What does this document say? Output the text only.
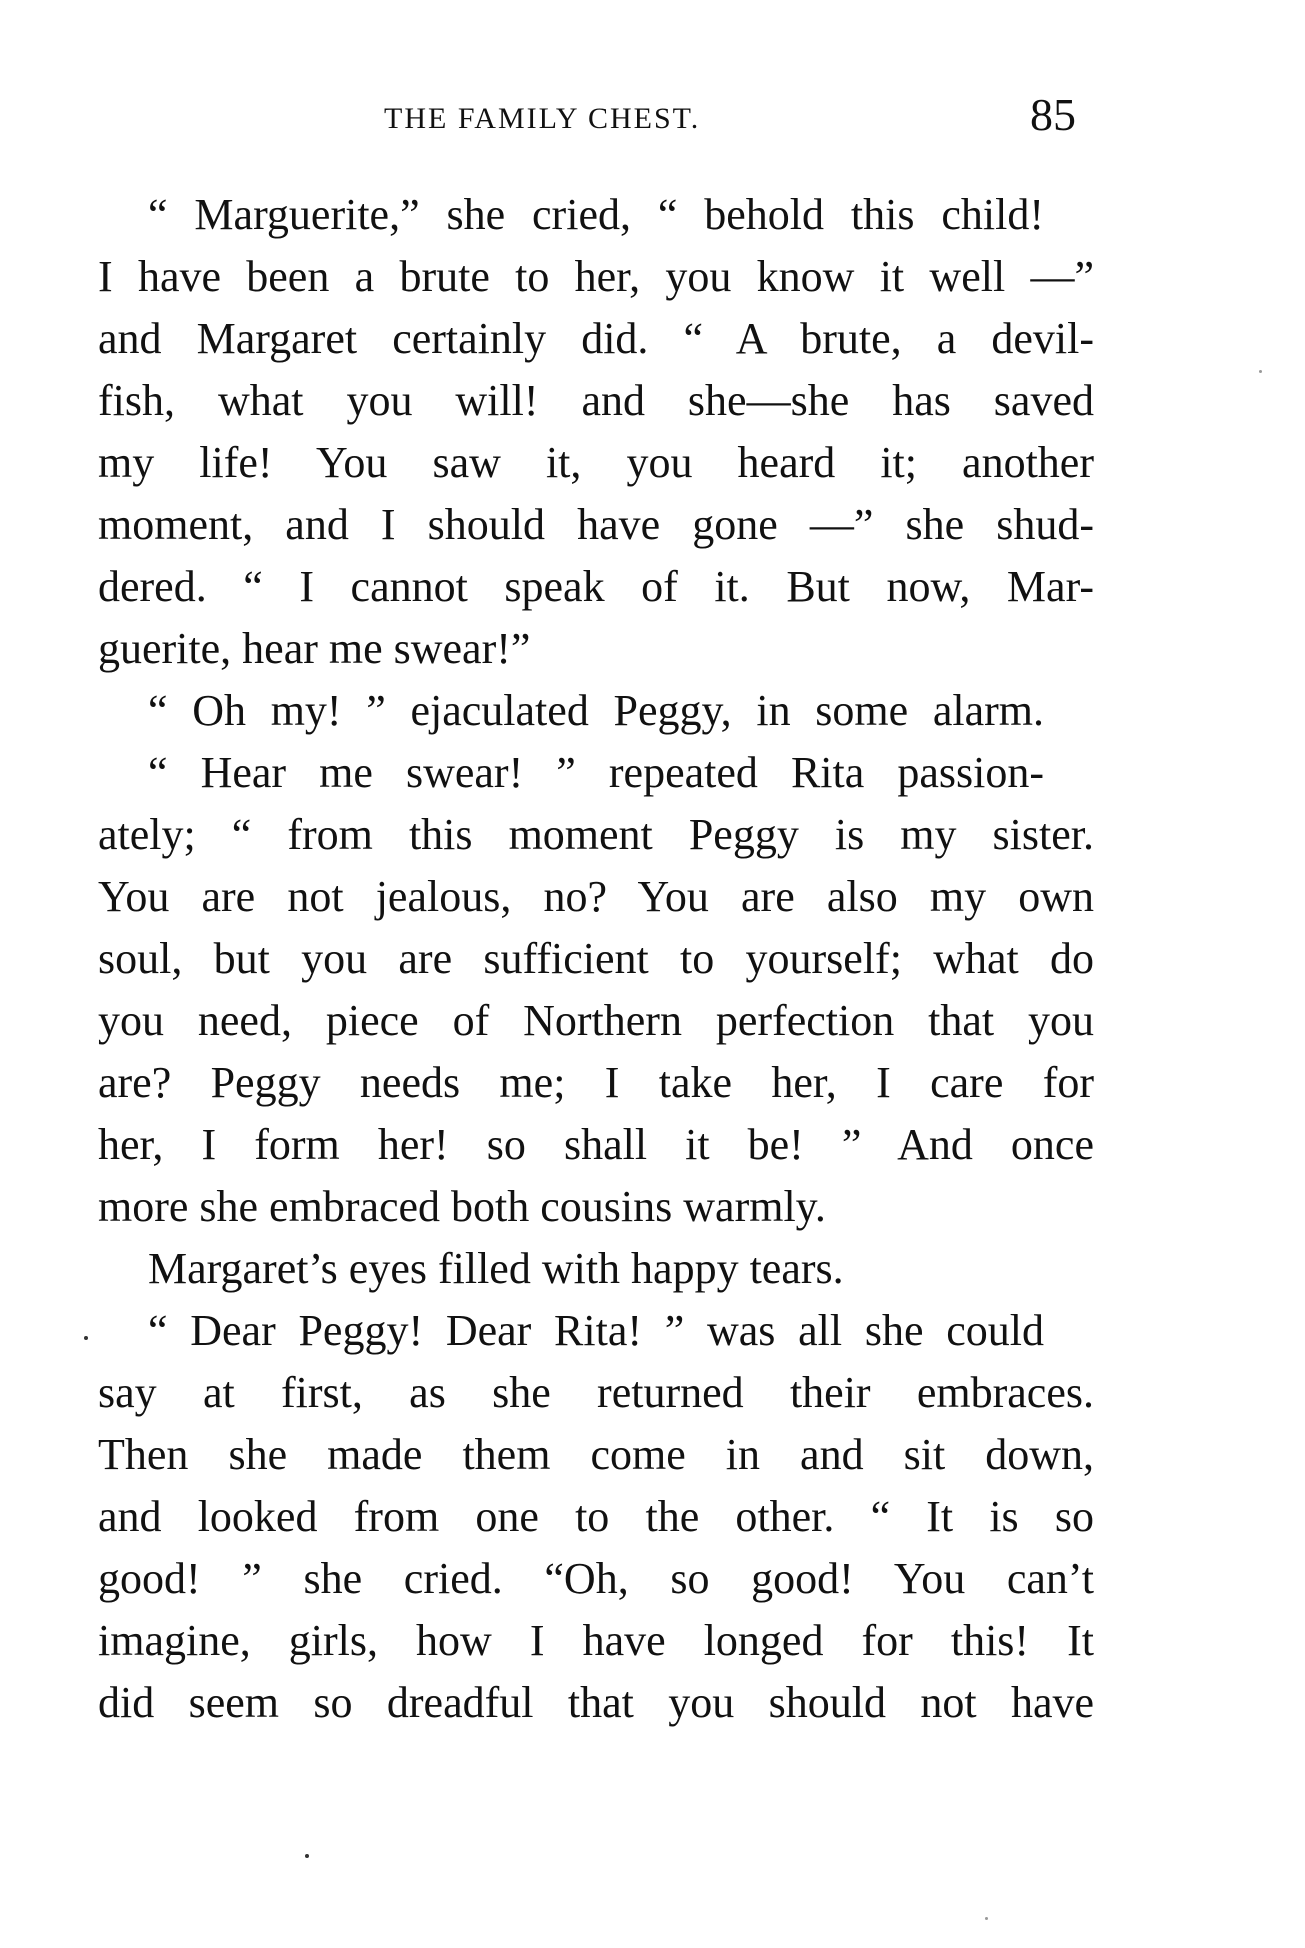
THE FAMILY CHEST.	85
“ Marguerite,” she cried, “ behold this child!
I have been a brute to her, you know it well —”
and Margaret certainly did. “ A brute, a devil-
fish, what you will! and she—she has saved
my life! You saw it, you heard it; another
moment, and I should have gone —” she shud-
dered. “ I cannot speak of it. But now, Mar-
guerite, hear me swear!”
“ Oh my! ” ejaculated Peggy, in some alarm.
“ Hear me swear! ” repeated Rita passion-
ately; “ from this moment Peggy is my sister.
You are not jealous, no? You are also my own
soul, but you are sufficient to yourself; what do
you need, piece of Northern perfection that you
are? Peggy needs me; I take her, I care for
her, I form her! so shall it be! ” And once
more she embraced both cousins warmly.
Margaret’s eyes filled with happy tears.
“ Dear Peggy! Dear Rita! ” was all she could
say at first, as she returned their embraces.
Then she made them come in and sit down,
and looked from one to the other. “ It is so
good! ” she cried. “Oh, so good! You can’t
imagine, girls, how I have longed for this! It
did seem so dreadful that you should not have
